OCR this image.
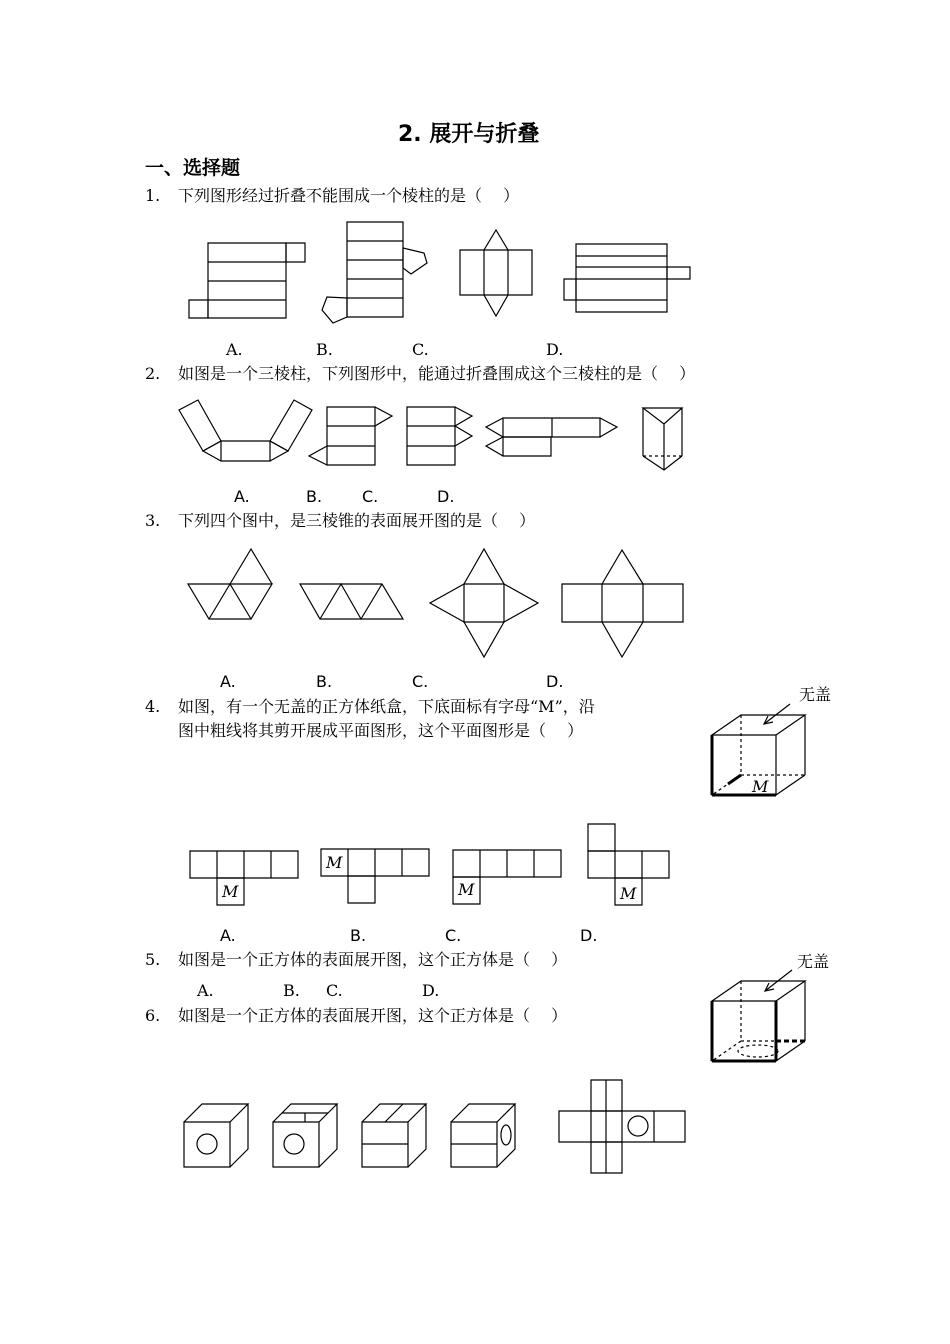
2. 展开与折叠
一、选择题
1. 下列图形经过折叠不能围成一个棱柱的是（　 ）
A.	B.	C.	D.
2. 如图是一个三棱柱，下列图形中，能通过折叠围成这个三棱柱的是（　 ）
A.	B. C.	D.
3. 下列四个图中，是三棱锥的表面展开图的是（　 ）
A.	B.	C.	D.
4. 如图，有一个无盖的正方体纸盒，下底面标有字母“M”，沿
图中粗线将其剪开展成平面图形，这个平面图形是（　 ）
无盖
M
M
M
M	M
A.	B.	C.	D.
5. 如图是一个正方体的表面展开图，这个正方体是（　 ）
A.	B. C.	D.
无盖
6. 如图是一个正方体的表面展开图，这个正方体是（　 ）
